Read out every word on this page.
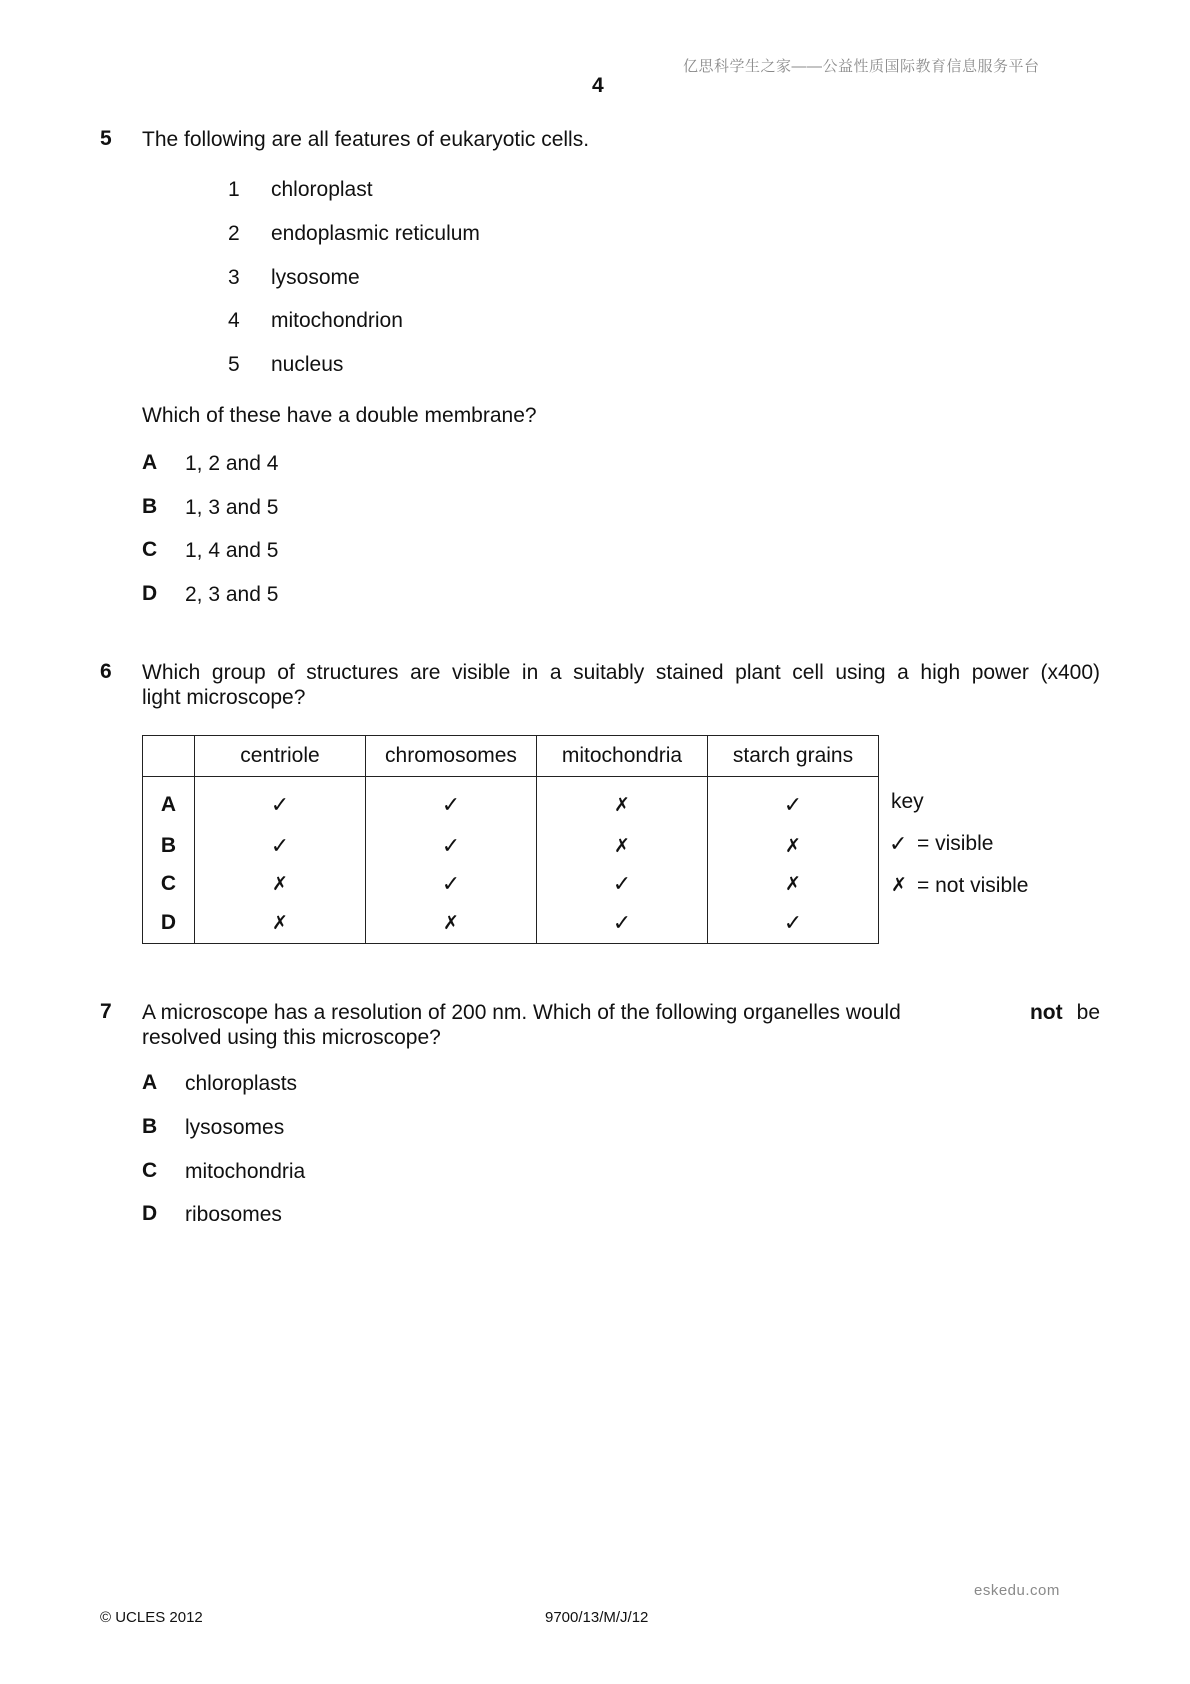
亿思科学生之家——公益性质国际教育信息服务平台
4
5 The following are all features of eukaryotic cells.
1 chloroplast
2 endoplasmic reticulum
3 lysosome
4 mitochondrion
5 nucleus
Which of these have a double membrane?
A 1, 2 and 4
B 1, 3 and 5
C 1, 4 and 5
D 2, 3 and 5
6 Which group of structures are visible in a suitably stained plant cell using a high power (x400)
light microscope?
	centriole	chromosomes	mitochondria	starch grains
A	✓	✓	✗	✓
B	✓	✓	✗	✗
C	✗	✓	✓	✗
D	✗	✗	✓	✓
key
✓ = visible
✗ = not visible
7 A microscope has a resolution of 200 nm. Which of the following organelles would	not be
resolved using this microscope?
A chloroplasts
B lysosomes
C mitochondria
D ribosomes
eskedu.com
© UCLES 2012	9700/13/M/J/12
